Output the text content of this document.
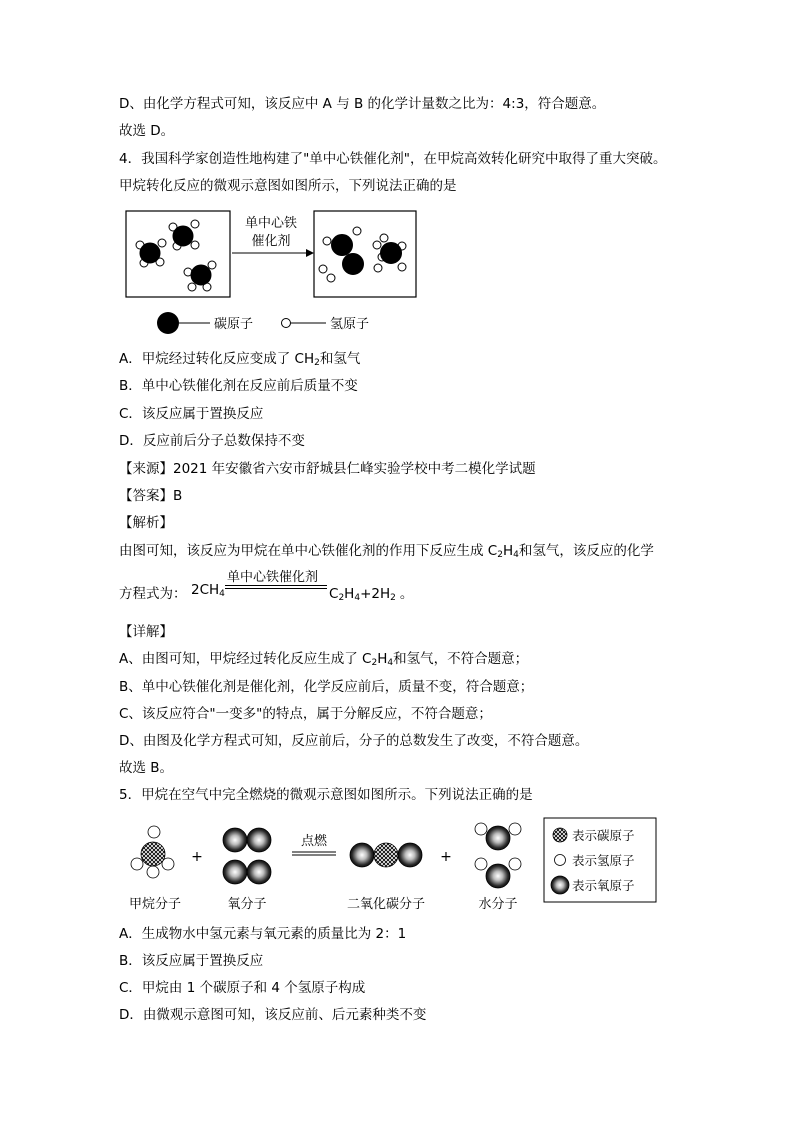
D、由化学方程式可知，该反应中 A 与 B 的化学计量数之比为：4:3，符合题意。
故选 D。
4．我国科学家创造性地构建了"单中心铁催化剂"，在甲烷高效转化研究中取得了重大突破。
甲烷转化反应的微观示意图如图所示，下列说法正确的是
单中心铁
催化剂
碳原子	氢原子
A．甲烷经过转化反应变成了 $CH_2$和氢气
B．单中心铁催化剂在反应前后质量不变
C．该反应属于置换反应
D．反应前后分子总数保持不变
【来源】2021 年安徽省六安市舒城县仁峰实验学校中考二模化学试题
【答案】B
【解析】
由图可知，该反应为甲烷在单中心铁催化剂的作用下反应生成 $C_2H_4$和氢气，该反应的化学
方程式为： $2CH_4$
单中心铁催化剂
$C_2H_4+2H_2$ 。
【详解】
A、由图可知，甲烷经过转化反应生成了 $C_2H_4$和氢气，不符合题意；
B、单中心铁催化剂是催化剂，化学反应前后，质量不变，符合题意；
C、该反应符合"一变多"的特点，属于分解反应，不符合题意；
D、由图及化学方程式可知，反应前后，分子的总数发生了改变，不符合题意。
故选 B。
5．甲烷在空气中完全燃烧的微观示意图如图所示。下列说法正确的是
+
点燃
+
甲烷分子	氧分子	二氧化碳分子	水分子
表示碳原子
表示氢原子
表示氧原子
A．生成物水中氢元素与氧元素的质量比为 2：1
B．该反应属于置换反应
C．甲烷由 1 个碳原子和 4 个氢原子构成
D．由微观示意图可知，该反应前、后元素种类不变
